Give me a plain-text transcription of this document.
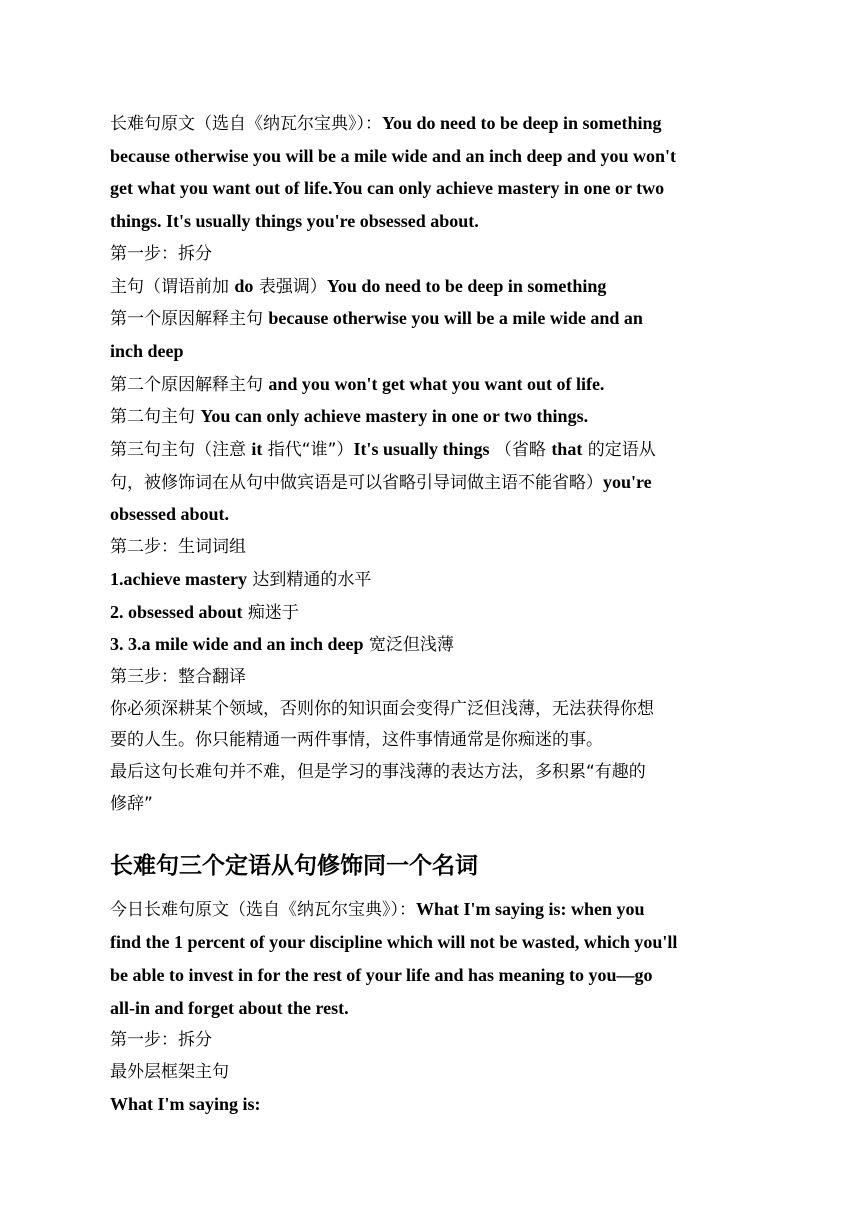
长难句原文（选自《纳瓦尔宝典》）：You do need to be deep in something
because otherwise you will be a mile wide and an inch deep and you won't
get what you want out of life.You can only achieve mastery in one or two
things. It's usually things you're obsessed about.
第一步：拆分
主句（谓语前加 do 表强调）You do need to be deep in something
第一个原因解释主句 because otherwise you will be a mile wide and an
inch deep
第二个原因解释主句 and you won't get what you want out of life.
第二句主句 You can only achieve mastery in one or two things.
第三句主句（注意 it 指代“谁”）It's usually things （省略 that 的定语从
句，被修饰词在从句中做宾语是可以省略引导词做主语不能省略）you're
obsessed about.
第二步：生词词组
1.achieve mastery 达到精通的水平
2. obsessed about 痴迷于
3. 3.a mile wide and an inch deep 宽泛但浅薄
第三步：整合翻译
你必须深耕某个领域，否则你的知识面会变得广泛但浅薄，无法获得你想
要的人生。你只能精通一两件事情，这件事情通常是你痴迷的事。
最后这句长难句并不难，但是学习的事浅薄的表达方法，多积累“有趣的
修辞”
长难句三个定语从句修饰同一个名词
今日长难句原文（选自《纳瓦尔宝典》）：What I'm saying is: when you
find the 1 percent of your discipline which will not be wasted, which you'll
be able to invest in for the rest of your life and has meaning to you—go
all-in and forget about the rest.
第一步：拆分
最外层框架主句
What I'm saying is:
